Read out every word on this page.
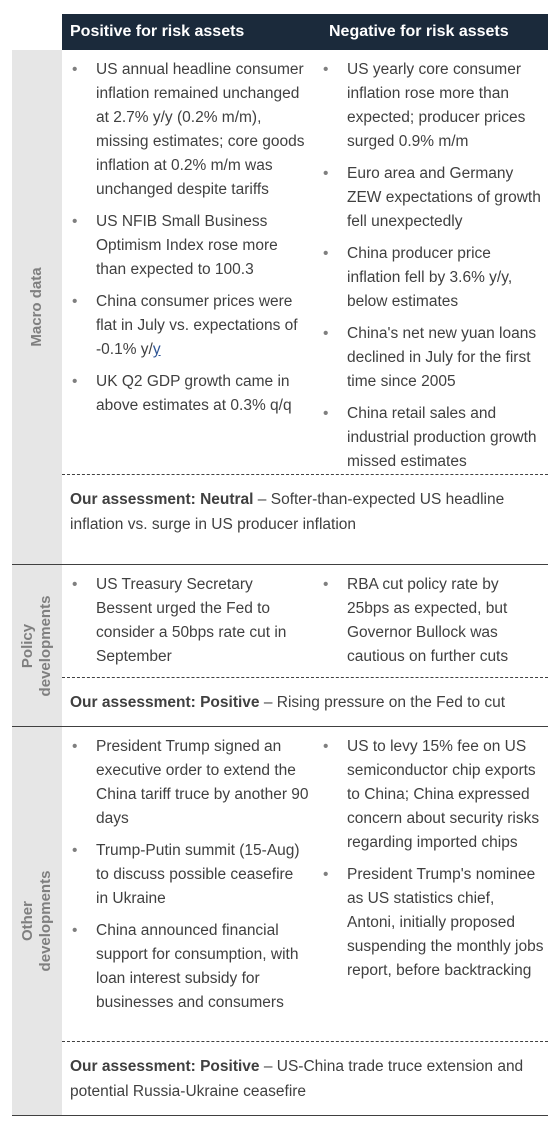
Positive for risk assets	Negative for risk assets
Macro data
• US annual headline consumer inflation remained unchanged at 2.7% y/y (0.2% m/m), missing estimates; core goods inflation at 0.2% m/m was unchanged despite tariffs
• US NFIB Small Business Optimism Index rose more than expected to 100.3
• China consumer prices were flat in July vs. expectations of -0.1% y/y
• UK Q2 GDP growth came in above estimates at 0.3% q/q
• US yearly core consumer inflation rose more than expected; producer prices surged 0.9% m/m
• Euro area and Germany ZEW expectations of growth fell unexpectedly
• China producer price inflation fell by 3.6% y/y, below estimates
• China's net new yuan loans declined in July for the first time since 2005
• China retail sales and industrial production growth missed estimates
Our assessment: Neutral – Softer-than-expected US headline inflation vs. surge in US producer inflation
Policy
developments
• US Treasury Secretary Bessent urged the Fed to consider a 50bps rate cut in September
• RBA cut policy rate by 25bps as expected, but Governor Bullock was cautious on further cuts
Our assessment: Positive – Rising pressure on the Fed to cut
Other
developments
• President Trump signed an executive order to extend the China tariff truce by another 90 days
• Trump-Putin summit (15-Aug) to discuss possible ceasefire in Ukraine
• China announced financial support for consumption, with loan interest subsidy for businesses and consumers
• US to levy 15% fee on US semiconductor chip exports to China; China expressed concern about security risks regarding imported chips
• President Trump's nominee as US statistics chief, Antoni, initially proposed suspending the monthly jobs report, before backtracking
Our assessment: Positive – US-China trade truce extension and potential Russia-Ukraine ceasefire
